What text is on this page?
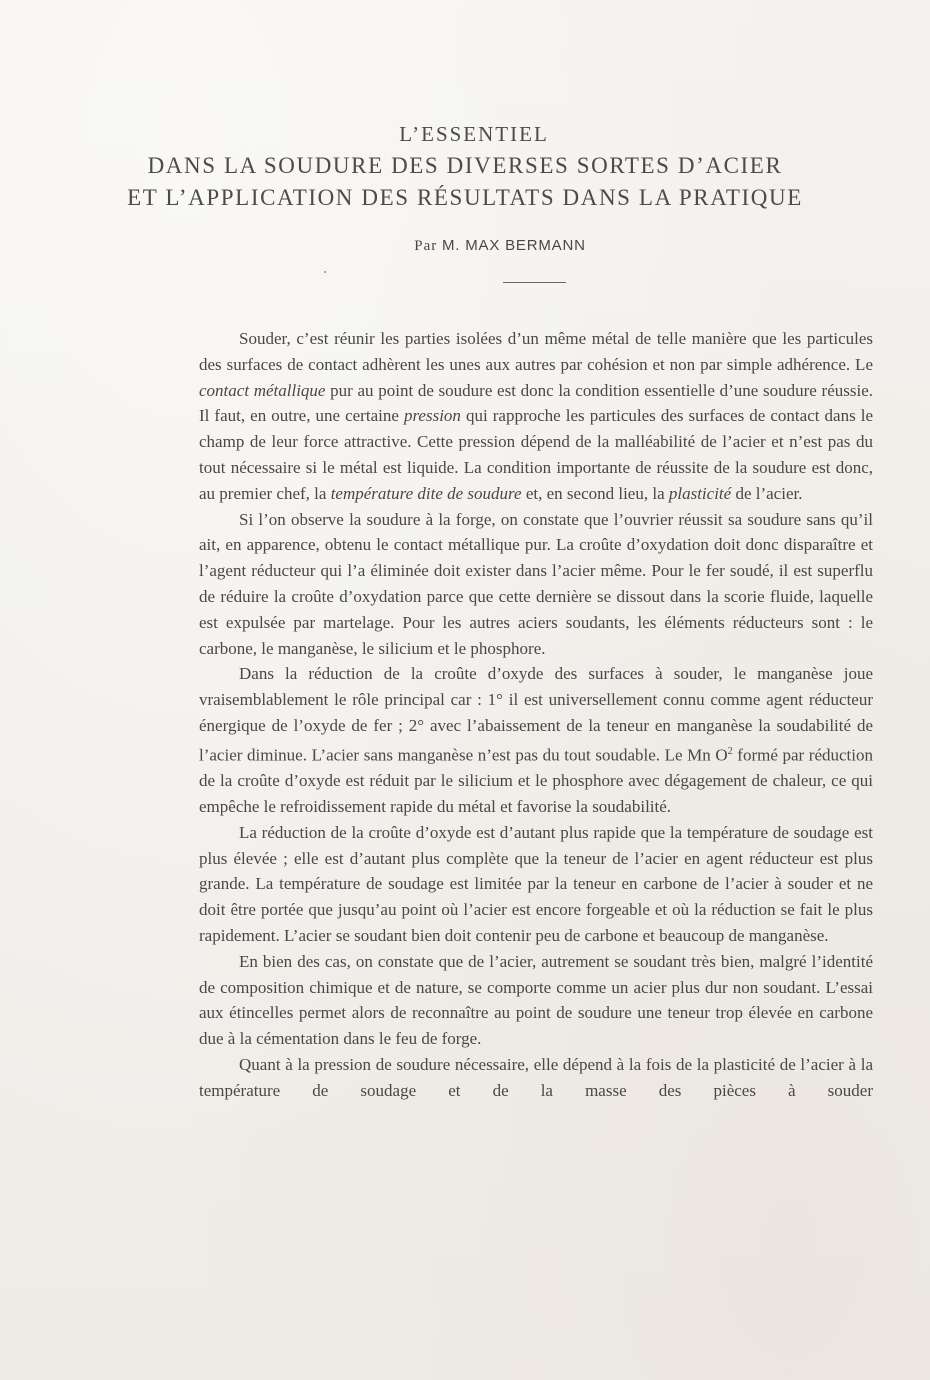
L’ESSENTIEL
DANS LA SOUDURE DES DIVERSES SORTES D’ACIER
ET L’APPLICATION DES RÉSULTATS DANS LA PRATIQUE
Par M. MAX BERMANN

Souder, c’est réunir les parties isolées d’un même métal de telle manière que les particules des surfaces de contact adhèrent les unes aux autres par cohésion et non par simple adhérence. Le contact métallique pur au point de soudure est donc la condition essentielle d’une soudure réussie. Il faut, en outre, une certaine pression qui rapproche les particules des surfaces de contact dans le champ de leur force attractive. Cette pression dépend de la malléabilité de l’acier et n’est pas du tout nécessaire si le métal est liquide. La condition importante de réussite de la soudure est donc, au premier chef, la température dite de soudure et, en second lieu, la plasticité de l’acier.

Si l’on observe la soudure à la forge, on constate que l’ouvrier réussit sa soudure sans qu’il ait, en apparence, obtenu le contact métallique pur. La croûte d’oxydation doit donc disparaître et l’agent réducteur qui l’a éliminée doit exister dans l’acier même. Pour le fer soudé, il est superflu de réduire la croûte d’oxydation parce que cette dernière se dissout dans la scorie fluide, laquelle est expulsée par martelage. Pour les autres aciers soudants, les éléments réducteurs sont : le carbone, le manganèse, le silicium et le phosphore.

Dans la réduction de la croûte d’oxyde des surfaces à souder, le manganèse joue vraisemblablement le rôle principal car : 1° il est universellement connu comme agent réducteur énergique de l’oxyde de fer ; 2° avec l’abaissement de la teneur en manganèse la soudabilité de l’acier diminue. L’acier sans manganèse n’est pas du tout soudable. Le Mn $O^2$ formé par réduction de la croûte d’oxyde est réduit par le silicium et le phosphore avec dégagement de chaleur, ce qui empêche le refroidissement rapide du métal et favorise la soudabilité.

La réduction de la croûte d’oxyde est d’autant plus rapide que la température de soudage est plus élevée ; elle est d’autant plus complète que la teneur de l’acier en agent réducteur est plus grande. La température de soudage est limitée par la teneur en carbone de l’acier à souder et ne doit être portée que jusqu’au point où l’acier est encore forgeable et où la réduction se fait le plus rapidement. L’acier se soudant bien doit contenir peu de carbone et beaucoup de manganèse.

En bien des cas, on constate que de l’acier, autrement se soudant très bien, malgré l’identité de composition chimique et de nature, se comporte comme un acier plus dur non soudant. L’essai aux étincelles permet alors de reconnaître au point de soudure une teneur trop élevée en carbone due à la cémentation dans le feu de forge.

Quant à la pression de soudure nécessaire, elle dépend à la fois de la plasticité de l’acier à la température de soudage et de la masse des pièces à souder
